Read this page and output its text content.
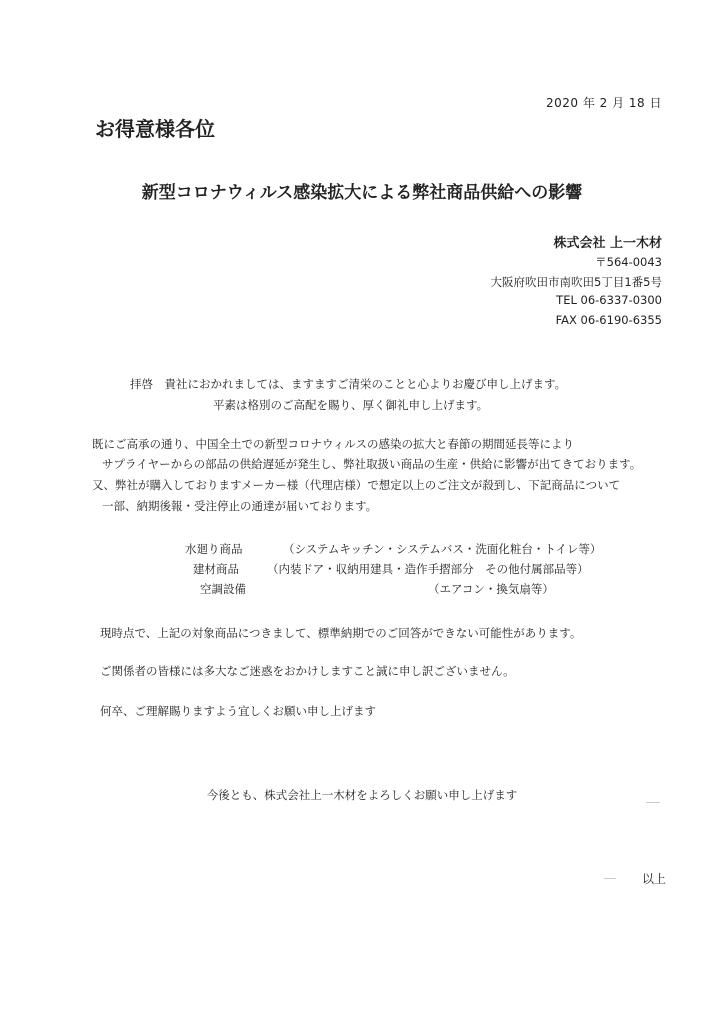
2020 年 2 月 18 日
お得意様各位
新型コロナウィルス感染拡大による弊社商品供給への影響
株式会社 上一木材
〒564-0043
大阪府吹田市南吹田5丁目1番5号
TEL 06-6337-0300
FAX 06-6190-6355
拝啓　貴社におかれましては、ますますご清栄のことと心よりお慶び申し上げます。
平素は格別のご高配を賜り、厚く御礼申し上げます。
既にご高承の通り、中国全土での新型コロナウィルスの感染の拡大と春節の期間延長等により
サプライヤーからの部品の供給遅延が発生し、弊社取扱い商品の生産・供給に影響が出てきております。
又、弊社が購入しておりますメーカー様（代理店様）で想定以上のご注文が殺到し、下記商品について
一部、納期後報・受注停止の通達が届いております。
水廻り商品	（システムキッチン・システムバス・洗面化粧台・トイレ等）
建材商品 （内装ドア・収納用建具・造作手摺部分　その他付属部品等）
空調設備	（エアコン・換気扇等）
現時点で、上記の対象商品につきまして、標準納期でのご回答ができない可能性があります。
ご関係者の皆様には多大なご迷惑をおかけしますこと誠に申し訳ございません。
何卒、ご理解賜りますよう宜しくお願い申し上げます
今後とも、株式会社上一木材をよろしくお願い申し上げます
以上
